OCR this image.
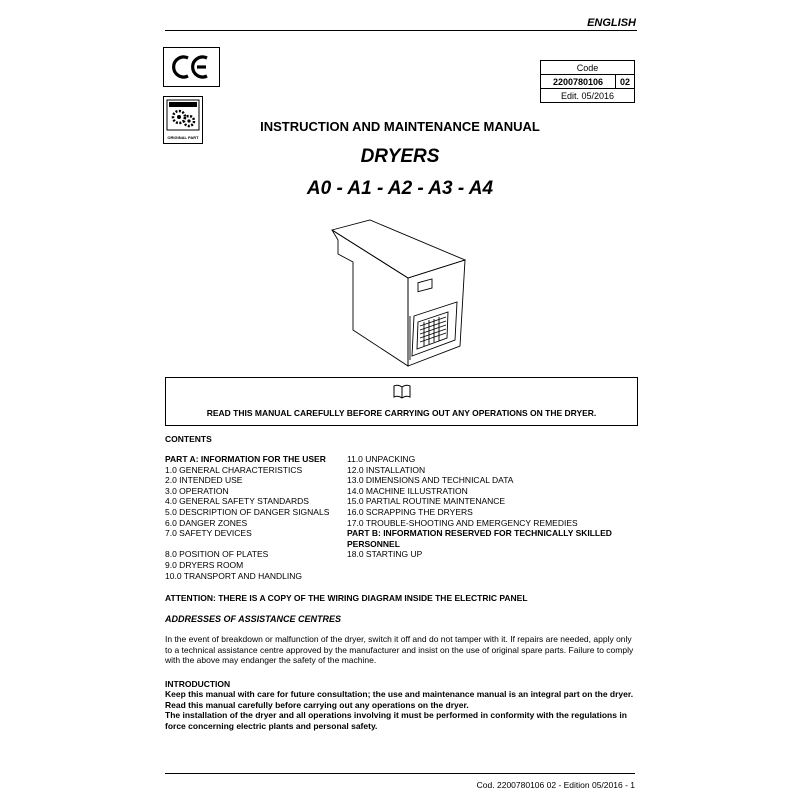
ENGLISH
ORIGINAL PART
Code
2200780106	02
Edit. 05/2016
INSTRUCTION AND MAINTENANCE MANUAL
DRYERS
A0 - A1 - A2 - A3 - A4
READ THIS MANUAL CAREFULLY BEFORE CARRYING OUT ANY OPERATIONS ON THE DRYER.
CONTENTS
PART A: INFORMATION FOR THE USER
1.0 GENERAL CHARACTERISTICS
2.0 INTENDED USE
3.0 OPERATION
4.0 GENERAL SAFETY STANDARDS
5.0 DESCRIPTION OF DANGER SIGNALS
6.0 DANGER ZONES
7.0 SAFETY DEVICES
8.0 POSITION OF PLATES
9.0 DRYERS ROOM
10.0 TRANSPORT AND HANDLING
11.0 UNPACKING
12.0 INSTALLATION
13.0 DIMENSIONS AND TECHNICAL DATA
14.0 MACHINE ILLUSTRATION
15.0 PARTIAL ROUTINE MAINTENANCE
16.0 SCRAPPING THE DRYERS
17.0 TROUBLE-SHOOTING AND EMERGENCY REMEDIES
PART B: INFORMATION RESERVED FOR TECHNICALLY SKILLED
PERSONNEL
18.0 STARTING UP
ATTENTION: THERE IS A COPY OF THE WIRING DIAGRAM INSIDE THE ELECTRIC PANEL
ADDRESSES OF ASSISTANCE CENTRES
In the event of breakdown or malfunction of the dryer, switch it off and do not tamper with it. If repairs are needed, apply only to a technical assistance centre approved by the manufacturer and insist on the use of original spare parts. Failure to comply with the above may endanger the safety of the machine.
INTRODUCTION
Keep this manual with care for future consultation; the use and maintenance manual is an integral part on the dryer. Read this manual carefully before carrying out any operations on the dryer.
The installation of the dryer and all operations involving it must be performed in conformity with the regulations in force concerning electric plants and personal safety.
Cod. 2200780106 02 - Edition 05/2016 - 1
